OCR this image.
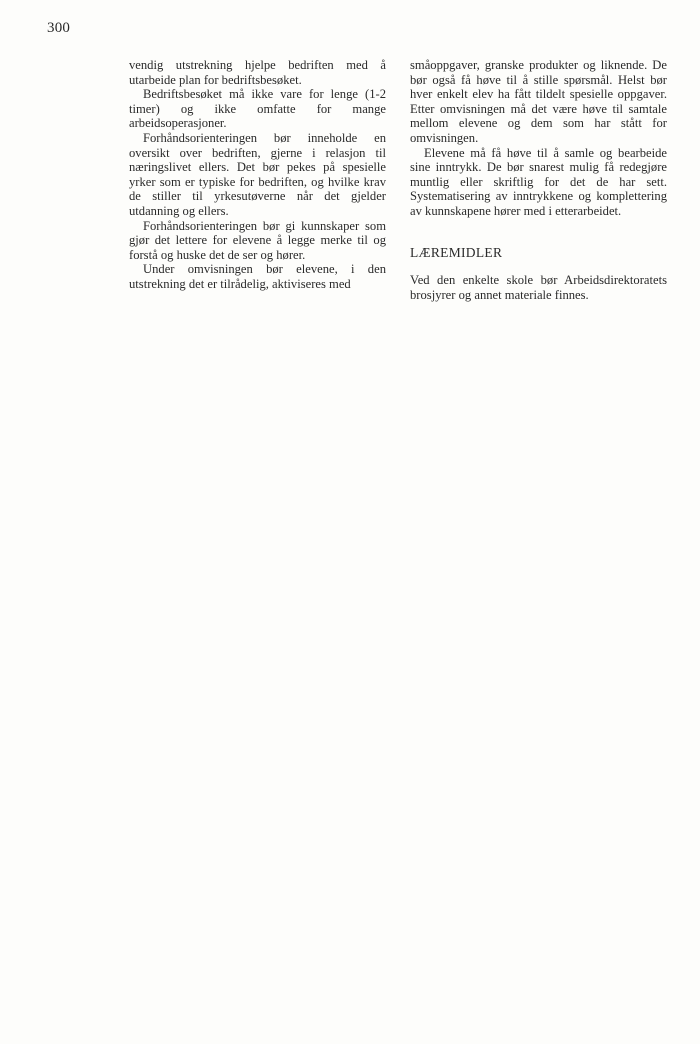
300

vendig utstrekning hjelpe bedriften med å utarbeide plan for bedriftsbesøket.

Bedriftsbesøket må ikke vare for lenge (1-2 timer) og ikke omfatte for mange arbeidsoperasjoner.

Forhåndsorienteringen bør inneholde en oversikt over bedriften, gjerne i relasjon til næringslivet ellers. Det bør pekes på spesielle yrker som er typiske for bedriften, og hvilke krav de stiller til yrkesutøverne når det gjelder utdanning og ellers.

Forhåndsorienteringen bør gi kunnskaper som gjør det lettere for elevene å legge merke til og forstå og huske det de ser og hører.

Under omvisningen bør elevene, i den utstrekning det er tilrådelig, aktiviseres med

småoppgaver, granske produkter og liknende. De bør også få høve til å stille spørsmål. Helst bør hver enkelt elev ha fått tildelt spesielle oppgaver. Etter omvisningen må det være høve til samtale mellom elevene og dem som har stått for omvisningen.

Elevene må få høve til å samle og bearbeide sine inntrykk. De bør snarest mulig få redegjøre muntlig eller skriftlig for det de har sett. Systematisering av inntrykkene og komplettering av kunnskapene hører med i etterarbeidet.

LÆREMIDLER

Ved den enkelte skole bør Arbeidsdirektoratets brosjyrer og annet materiale finnes.
